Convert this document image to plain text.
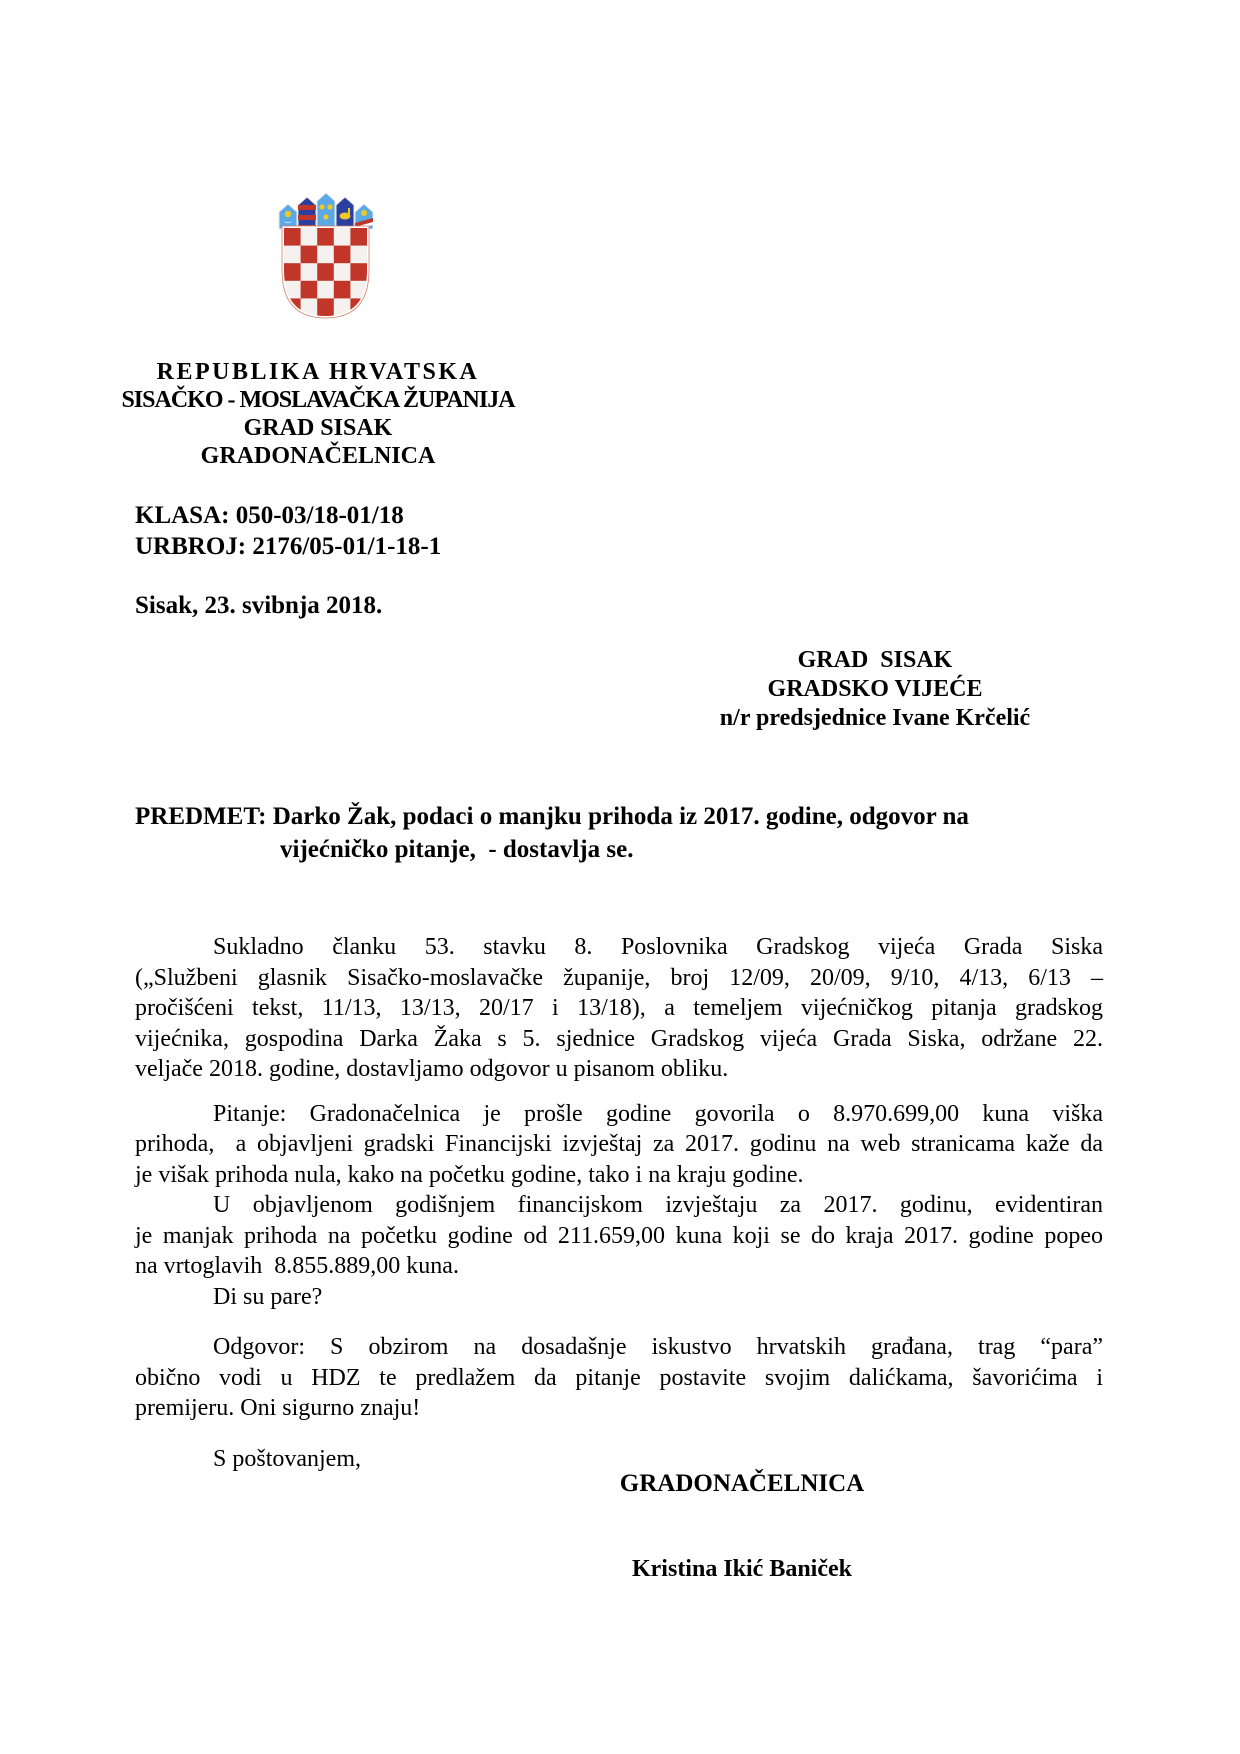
REPUBLIKA HRVATSKA
SISAČKO - MOSLAVAČKA ŽUPANIJA
GRAD SISAK
GRADONAČELNICA
KLASA: 050-03/18-01/18
URBROJ: 2176/05-01/1-18-1
Sisak, 23. svibnja 2018.
GRAD  SISAK
GRADSKO VIJEĆE
n/r predsjednice Ivane Krčelić
PREDMET: Darko Žak, podaci o manjku prihoda iz 2017. godine, odgovor na
vijećničko pitanje,  - dostavlja se.
Sukladno članku 53. stavku 8. Poslovnika Gradskog vijeća Grada Siska
(„Službeni glasnik Sisačko-moslavačke županije, broj 12/09, 20/09, 9/10, 4/13, 6/13 –
pročišćeni tekst, 11/13, 13/13, 20/17 i 13/18), a temeljem vijećničkog pitanja gradskog
vijećnika, gospodina Darka Žaka s 5. sjednice Gradskog vijeća Grada Siska, održane 22.
veljače 2018. godine, dostavljamo odgovor u pisanom obliku.
Pitanje: Gradonačelnica je prošle godine govorila o 8.970.699,00 kuna viška
prihoda,  a objavljeni gradski Financijski izvještaj za 2017. godinu na web stranicama kaže da
je višak prihoda nula, kako na početku godine, tako i na kraju godine.
U objavljenom godišnjem financijskom izvještaju za 2017. godinu, evidentiran
je manjak prihoda na početku godine od 211.659,00 kuna koji se do kraja 2017. godine popeo
na vrtoglavih  8.855.889,00 kuna.
Di su pare?
Odgovor: S obzirom na dosadašnje iskustvo hrvatskih građana, trag “para”
obično vodi u HDZ te predlažem da pitanje postavite svojim dalićkama, šavorićima i
premijeru. Oni sigurno znaju!
S poštovanjem,
GRADONAČELNICA
Kristina Ikić Baniček
